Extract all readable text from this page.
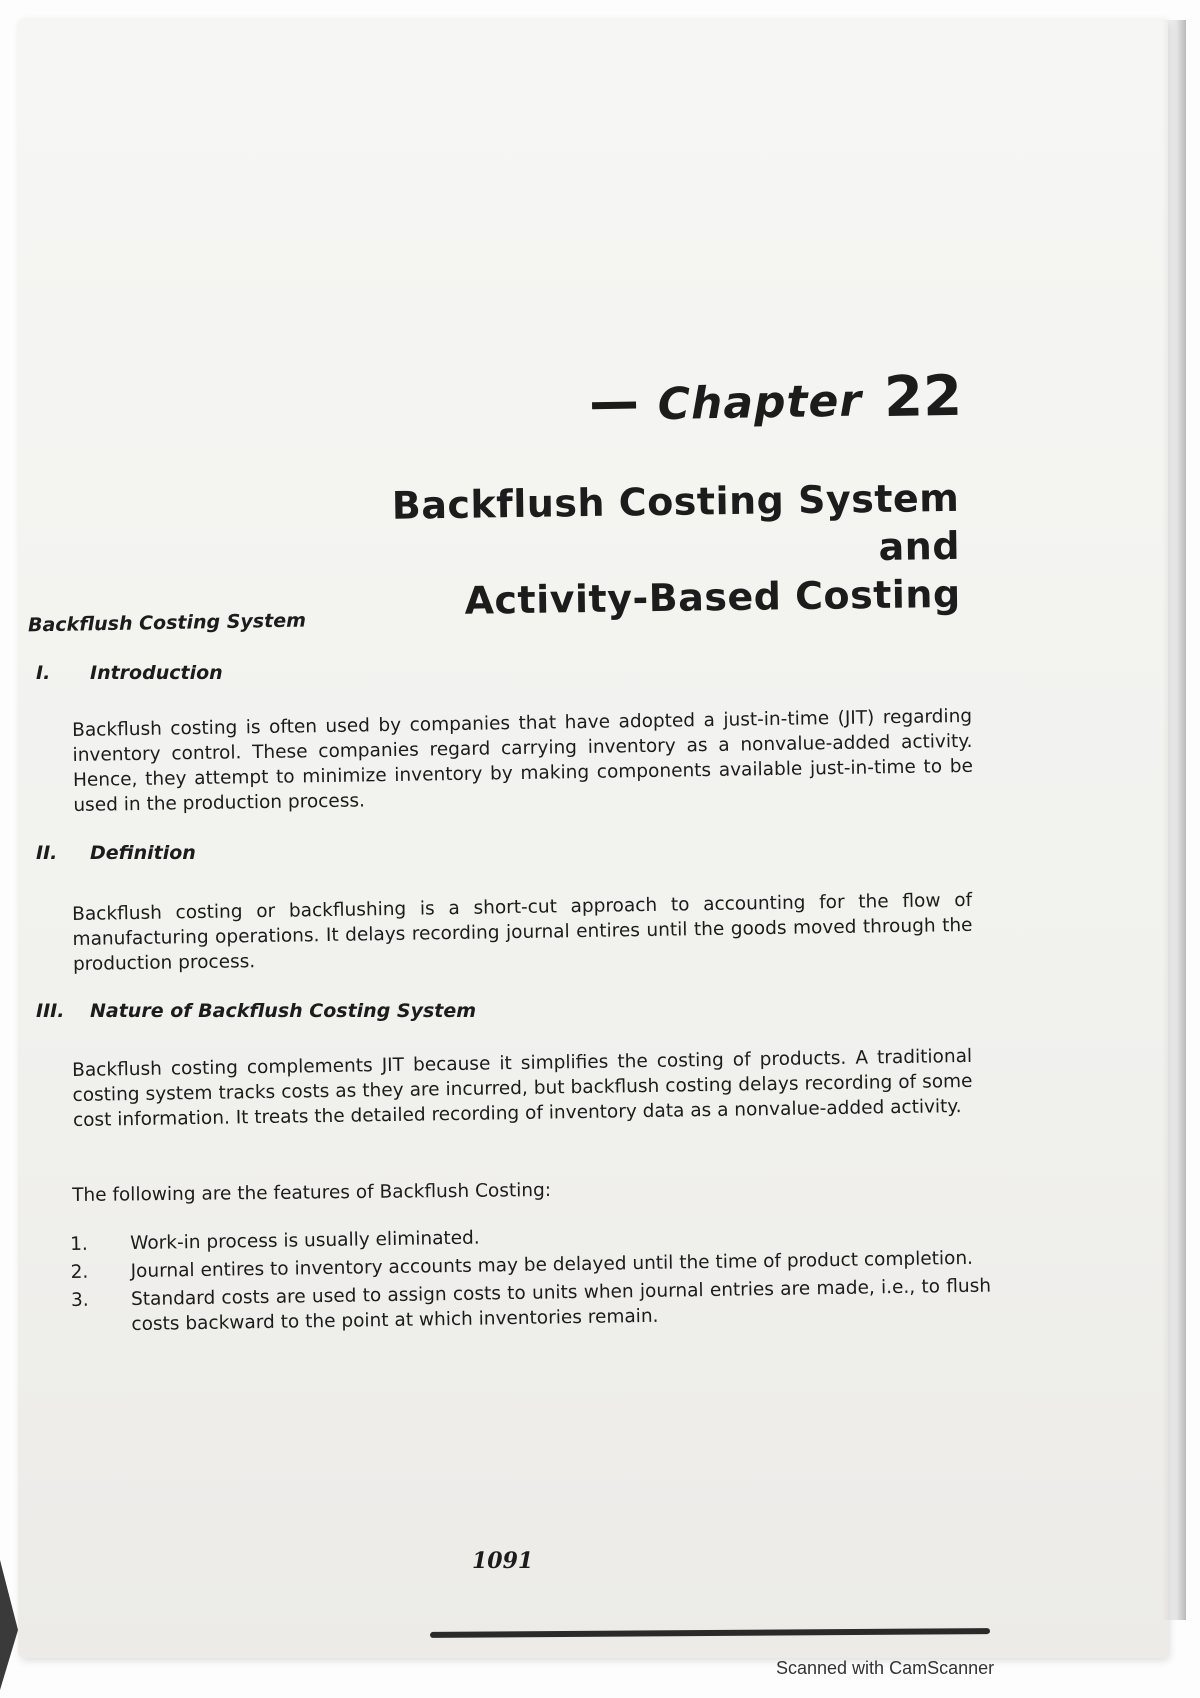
Chapter 22
Backflush Costing System and
Activity-Based Costing
Backflush Costing System
I.	Introduction
Backflush costing is often used by companies that have adopted a just-in-time (JIT) regarding inventory control. These companies regard carrying inventory as a nonvalue-added activity. Hence, they attempt to minimize inventory by making components available just-in-time to be used in the production process.
II. Definition
Backflush costing or backflushing is a short-cut approach to accounting for the flow of manufacturing operations. It delays recording journal entires until the goods moved through the production process.
III. Nature of Backflush Costing System
Backflush costing complements JIT because it simplifies the costing of products. A traditional costing system tracks costs as they are incurred, but backflush costing delays recording of some cost information. It treats the detailed recording of inventory data as a nonvalue-added activity.
The following are the features of Backflush Costing:
1.	Work-in process is usually eliminated.
2.	Journal entires to inventory accounts may be delayed until the time of product completion.
3.	Standard costs are used to assign costs to units when journal entries are made, i.e., to flush costs backward to the point at which inventories remain.
1091
Scanned with CamScanner
